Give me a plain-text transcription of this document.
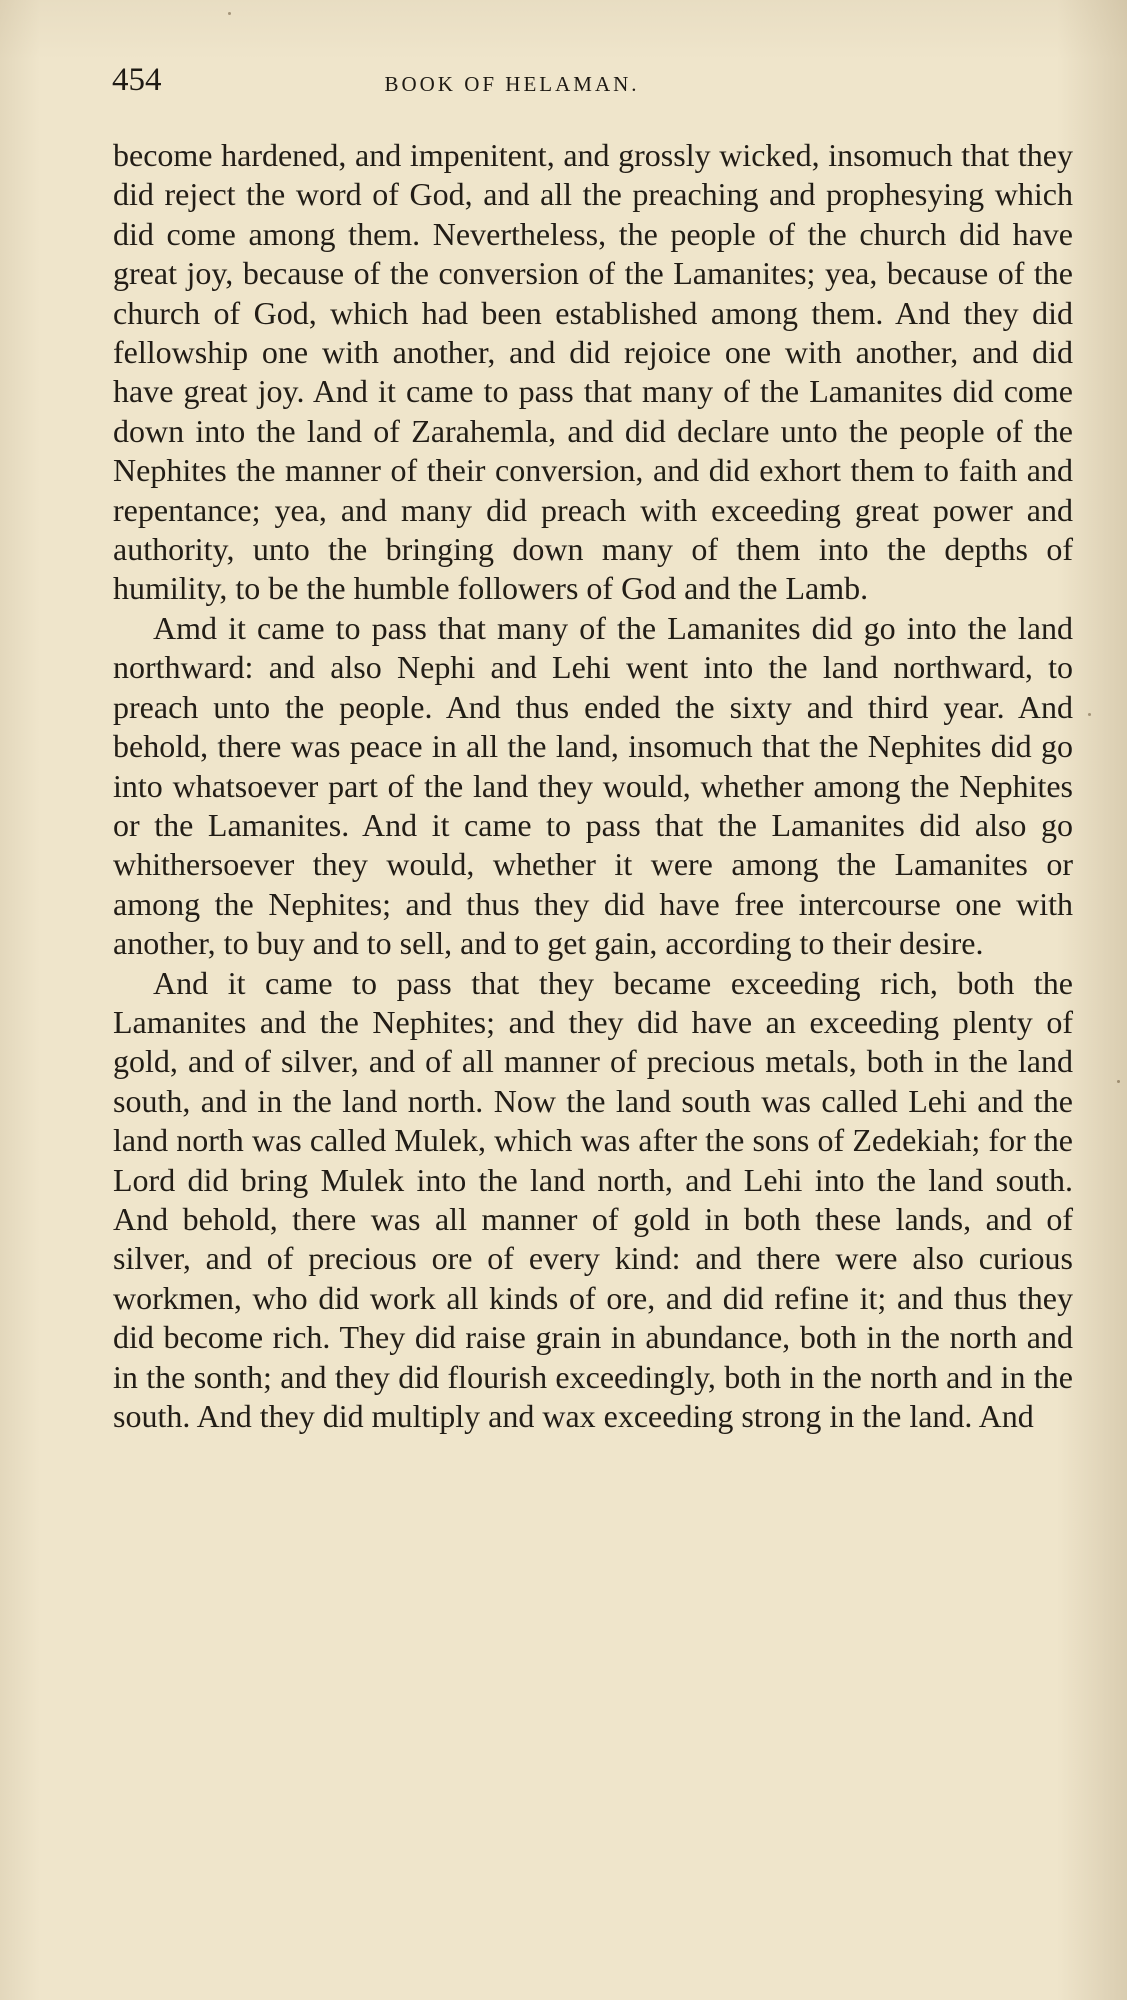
454	BOOK OF HELAMAN.

become hardened, and impenitent, and grossly wicked, insomuch that they did reject the word of God, and all the preaching and prophesying which did come among them. Nevertheless, the people of the church did have great joy, because of the conversion of the Lamanites; yea, because of the church of God, which had been established among them. And they did fellowship one with another, and did rejoice one with another, and did have great joy. And it came to pass that many of the Lamanites did come down into the land of Zarahemla, and did declare unto the people of the Nephites the manner of their conversion, and did exhort them to faith and repentance; yea, and many did preach with exceeding great power and authority, unto the bringing down many of them into the depths of humility, to be the humble followers of God and the Lamb.

Amd it came to pass that many of the Lamanites did go into the land northward: and also Nephi and Lehi went into the land northward, to preach unto the people. And thus ended the sixty and third year. And behold, there was peace in all the land, insomuch that the Nephites did go into whatsoever part of the land they would, whether among the Nephites or the Lamanites. And it came to pass that the Lamanites did also go whithersoever they would, whether it were among the Lamanites or among the Nephites; and thus they did have free intercourse one with another, to buy and to sell, and to get gain, according to their desire.

And it came to pass that they became exceeding rich, both the Lamanites and the Nephites; and they did have an exceeding plenty of gold, and of silver, and of all manner of precious metals, both in the land south, and in the land north. Now the land south was called Lehi and the land north was called Mulek, which was after the sons of Zedekiah; for the Lord did bring Mulek into the land north, and Lehi into the land south. And behold, there was all manner of gold in both these lands, and of silver, and of precious ore of every kind: and there were also curious workmen, who did work all kinds of ore, and did refine it; and thus they did become rich. They did raise grain in abundance, both in the north and in the sonth; and they did flourish exceedingly, both in the north and in the south. And they did multiply and wax exceeding strong in the land. And
